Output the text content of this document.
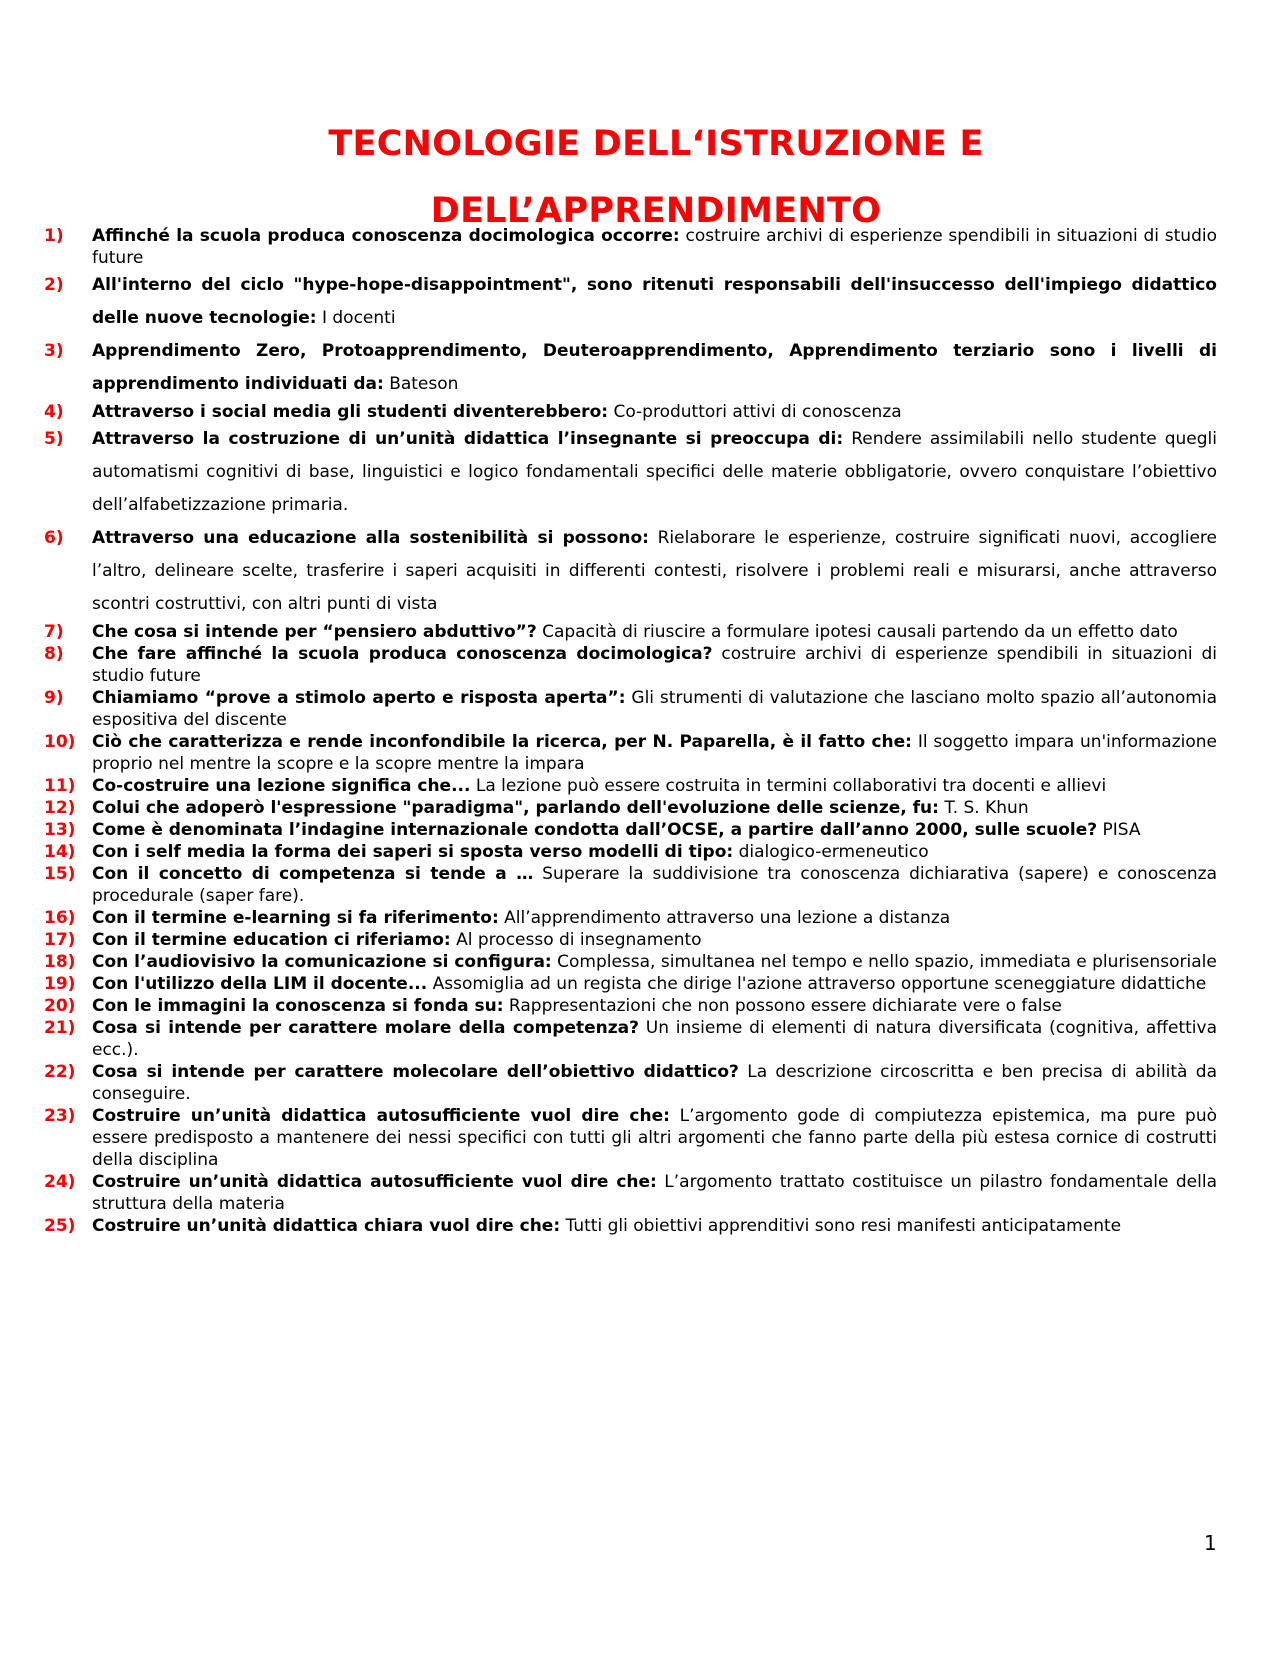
TECNOLOGIE DELL‘ISTRUZIONE E
DELL’APPRENDIMENTO
1)	Affinché la scuola produca conoscenza docimologica occorre: costruire archivi di esperienze spendibili in situazioni di studio future
2)	All'interno del ciclo "hype-hope-disappointment", sono ritenuti responsabili dell'insuccesso dell'impiego didattico delle nuove tecnologie: I docenti
3)	Apprendimento Zero, Protoapprendimento, Deuteroapprendimento, Apprendimento terziario sono i livelli di apprendimento individuati da: Bateson
4)	Attraverso i social media gli studenti diventerebbero: Co-produttori attivi di conoscenza
5)	Attraverso la costruzione di un’unità didattica l’insegnante si preoccupa di: Rendere assimilabili nello studente quegli automatismi cognitivi di base, linguistici e logico fondamentali specifici delle materie obbligatorie, ovvero conquistare l’obiettivo dell’alfabetizzazione primaria.
6)	Attraverso una educazione alla sostenibilità si possono: Rielaborare le esperienze, costruire significati nuovi, accogliere l’altro, delineare scelte, trasferire i saperi acquisiti in differenti contesti, risolvere i problemi reali e misurarsi, anche attraverso scontri costruttivi, con altri punti di vista
7)	Che cosa si intende per “pensiero abduttivo”? Capacità di riuscire a formulare ipotesi causali partendo da un effetto dato
8)	Che fare affinché la scuola produca conoscenza docimologica? costruire archivi di esperienze spendibili in situazioni di studio future
9)	Chiamiamo “prove a stimolo aperto e risposta aperta”: Gli strumenti di valutazione che lasciano molto spazio all’autonomia espositiva del discente
10) Ciò che caratterizza e rende inconfondibile la ricerca, per N. Paparella, è il fatto che: Il soggetto impara un'informazione proprio nel mentre la scopre e la scopre mentre la impara
11) Co-costruire una lezione significa che... La lezione può essere costruita in termini collaborativi tra docenti e allievi
12) Colui che adoperò l'espressione "paradigma", parlando dell'evoluzione delle scienze, fu: T. S. Khun
13) Come è denominata l’indagine internazionale condotta dall’OCSE, a partire dall’anno 2000, sulle scuole? PISA
14) Con i self media la forma dei saperi si sposta verso modelli di tipo: dialogico-ermeneutico
15) Con il concetto di competenza si tende a … Superare la suddivisione tra conoscenza dichiarativa (sapere) e conoscenza procedurale (saper fare).
16) Con il termine e-learning si fa riferimento: All’apprendimento attraverso una lezione a distanza
17) Con il termine education ci riferiamo: Al processo di insegnamento
18) Con l’audiovisivo la comunicazione si configura: Complessa, simultanea nel tempo e nello spazio, immediata e plurisensoriale
19) Con l'utilizzo della LIM il docente... Assomiglia ad un regista che dirige l'azione attraverso opportune sceneggiature didattiche
20) Con le immagini la conoscenza si fonda su: Rappresentazioni che non possono essere dichiarate vere o false
21) Cosa si intende per carattere molare della competenza? Un insieme di elementi di natura diversificata (cognitiva, affettiva ecc.).
22) Cosa si intende per carattere molecolare dell’obiettivo didattico? La descrizione circoscritta e ben precisa di abilità da conseguire.
23) Costruire un’unità didattica autosufficiente vuol dire che: L’argomento gode di compiutezza epistemica, ma pure può essere predisposto a mantenere dei nessi specifici con tutti gli altri argomenti che fanno parte della più estesa cornice di costrutti della disciplina
24) Costruire un’unità didattica autosufficiente vuol dire che: L’argomento trattato costituisce un pilastro fondamentale della struttura della materia
25) Costruire un’unità didattica chiara vuol dire che: Tutti gli obiettivi apprenditivi sono resi manifesti anticipatamente
1
